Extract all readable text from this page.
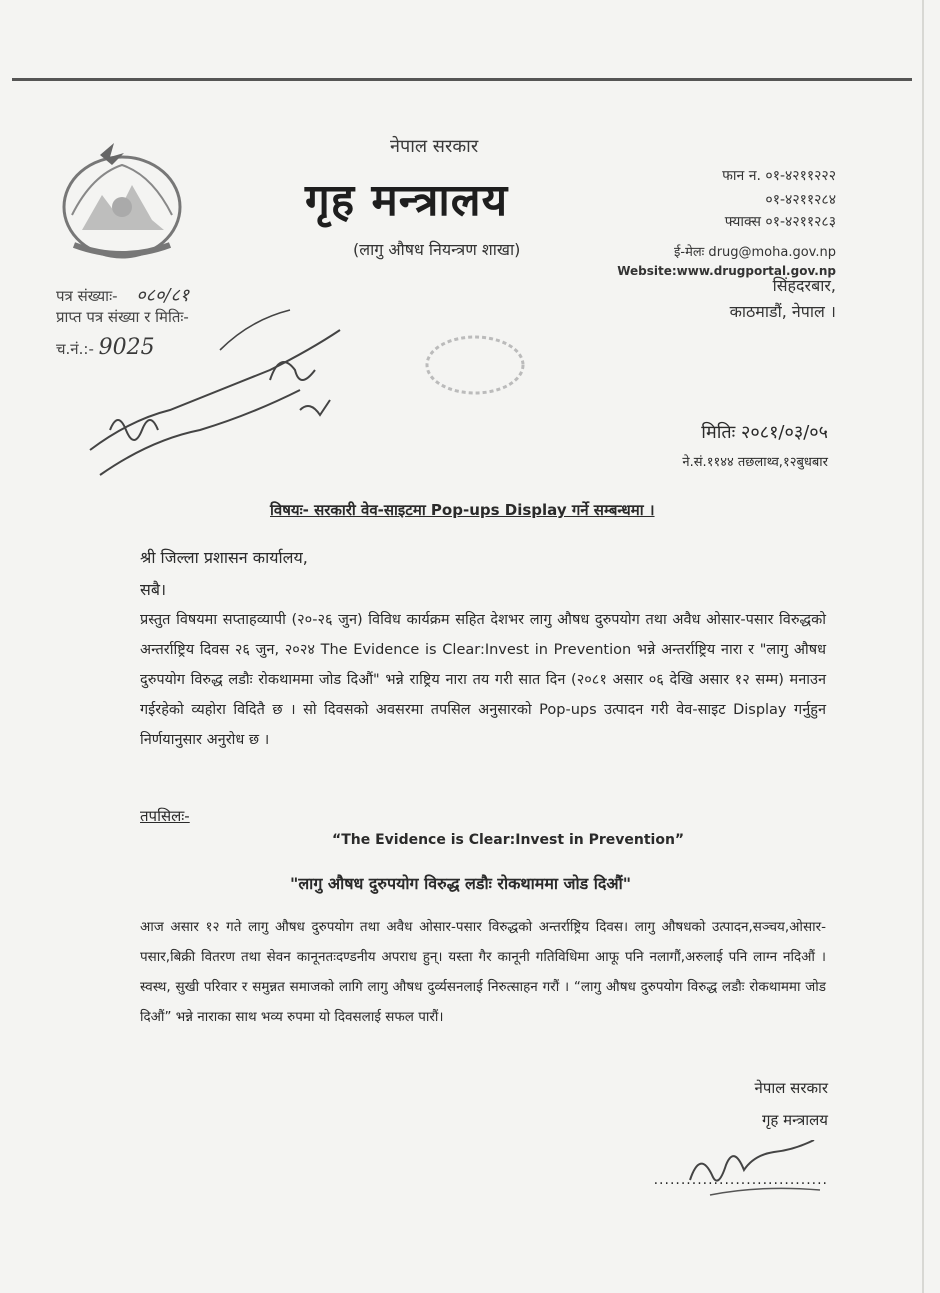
नेपाल सरकार
गृह मन्त्रालय
(लागु औषध नियन्त्रण शाखा)
फान न. ०१-४२११२२२
०१-४२११२८४
फ्याक्स ०१-४२११२८३
ई-मेलः drug@moha.gov.np
Website:www.drugportal.gov.np
सिंहदरबार,
काठमाडौं, नेपाल ।
पत्र संख्याः- ०८०/८१
प्राप्त पत्र संख्या र मितिः-
च.नं.:- 9025
मितिः २०८१/०३/०५
ने.सं.११४४ तछलाथ्व,१२बुधबार
विषयः- सरकारी वेव-साइटमा Pop-ups Display गर्ने सम्बन्धमा ।
श्री जिल्ला प्रशासन कार्यालय,
सबै।
प्रस्तुत विषयमा सप्ताहव्यापी (२०-२६ जुन) विविध कार्यक्रम सहित देशभर लागु औषध दुरुपयोग तथा अवैध ओसार-पसार विरुद्धको अन्तर्राष्ट्रिय दिवस २६ जुन, २०२४ The Evidence is Clear:Invest in Prevention भन्ने अन्तर्राष्ट्रिय नारा र "लागु औषध दुरुपयोग विरुद्ध लडौः रोकथाममा जोड दिऔं" भन्ने राष्ट्रिय नारा तय गरी सात दिन (२०८१ असार ०६ देखि असार १२ सम्म) मनाउन गईरहेको व्यहोरा विदितै छ । सो दिवसको अवसरमा तपसिल अनुसारको Pop-ups उत्पादन गरी वेव-साइट Display गर्नुहुन निर्णयानुसार अनुरोध छ ।
तपसिलः-
“The Evidence is Clear:Invest in Prevention”
"लागु औषध दुरुपयोग विरुद्ध लडौः रोकथाममा जोड दिऔं"
आज असार १२ गते लागु औषध दुरुपयोग तथा अवैध ओसार-पसार विरुद्धको अन्तर्राष्ट्रिय दिवस। लागु औषधको उत्पादन,सञ्चय,ओसार-पसार,बिक्री वितरण तथा सेवन कानूनतःदण्डनीय अपराध हुन्। यस्ता गैर कानूनी गतिविधिमा आफू पनि नलागौं,अरुलाई पनि लाग्न नदिऔं । स्वस्थ, सुखी परिवार र समुन्नत समाजको लागि लागु औषध दुर्व्यसनलाई निरुत्साहन गरौं । “लागु औषध दुरुपयोग विरुद्ध लडौः रोकथाममा जोड दिऔं” भन्ने नाराका साथ भव्य रुपमा यो दिवसलाई सफल पारौं।
नेपाल सरकार
गृह मन्त्रालय
................................
